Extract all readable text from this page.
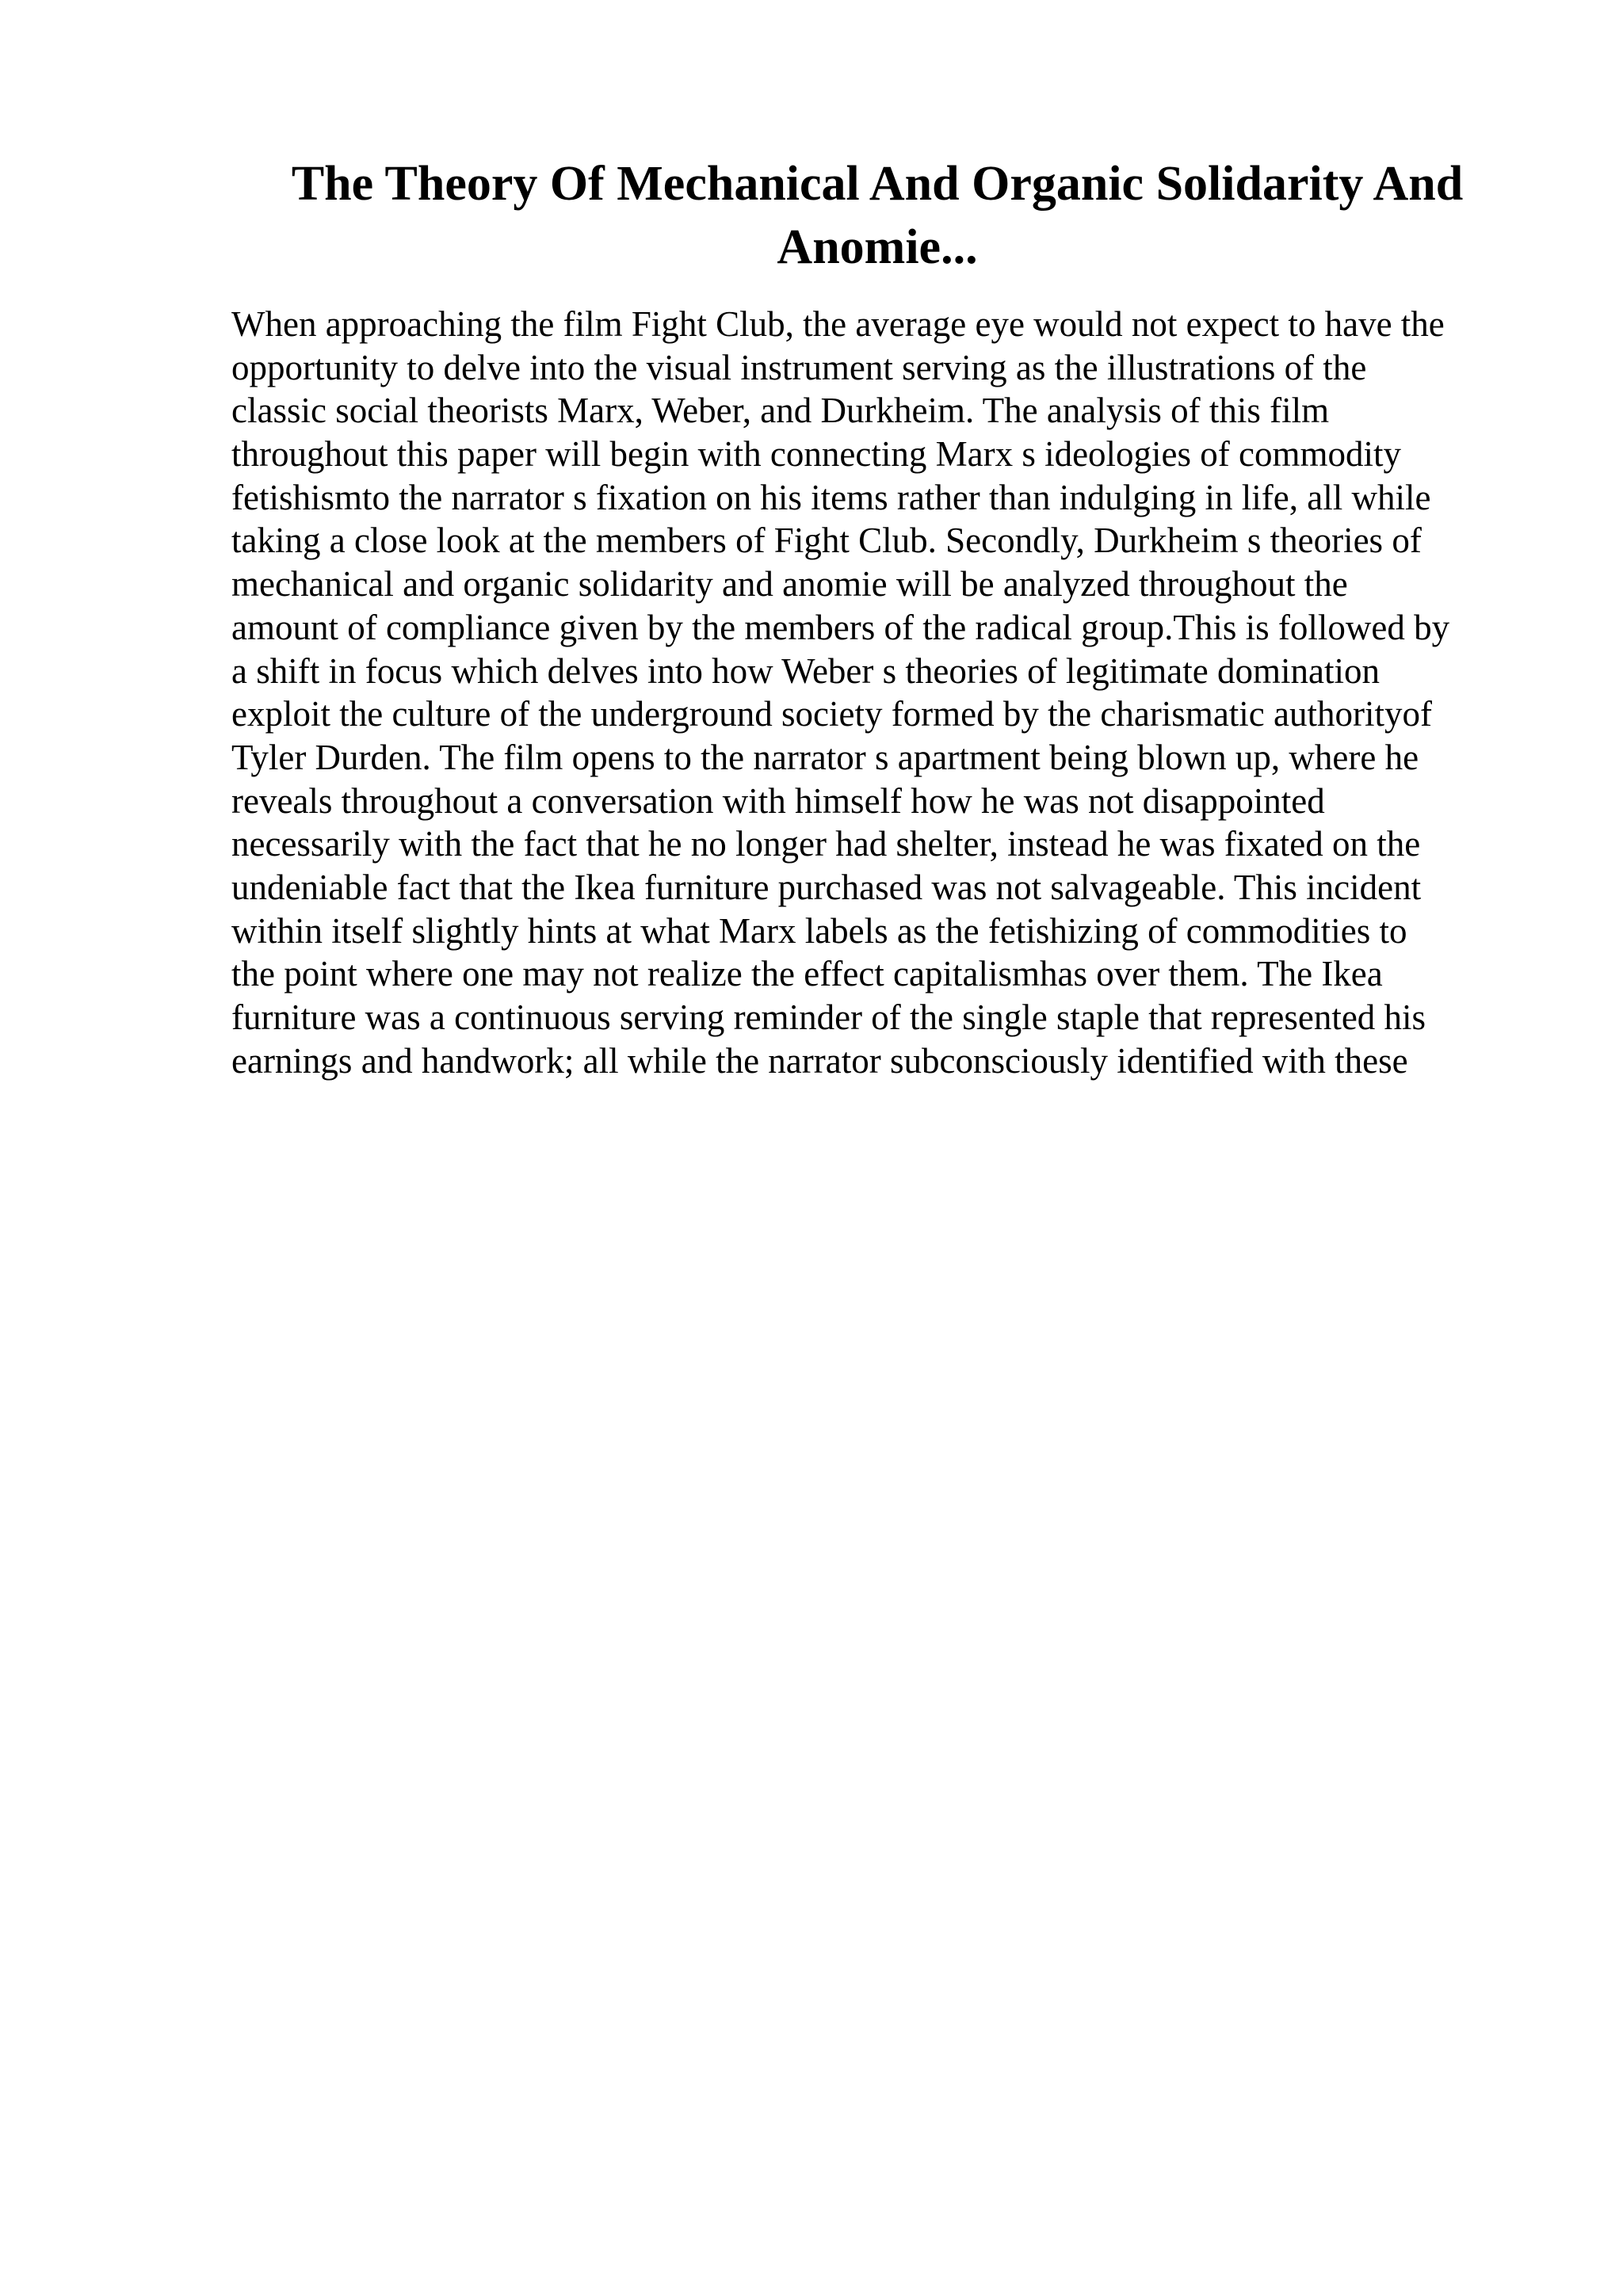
The Theory Of Mechanical And Organic Solidarity And
Anomie...
When approaching the film Fight Club, the average eye would not expect to have the
opportunity to delve into the visual instrument serving as the illustrations of the
classic social theorists Marx, Weber, and Durkheim. The analysis of this film
throughout this paper will begin with connecting Marx s ideologies of commodity
fetishismto the narrator s fixation on his items rather than indulging in life, all while
taking a close look at the members of Fight Club. Secondly, Durkheim s theories of
mechanical and organic solidarity and anomie will be analyzed throughout the
amount of compliance given by the members of the radical group.This is followed by
a shift in focus which delves into how Weber s theories of legitimate domination
exploit the culture of the underground society formed by the charismatic authorityof
Tyler Durden. The film opens to the narrator s apartment being blown up, where he
reveals throughout a conversation with himself how he was not disappointed
necessarily with the fact that he no longer had shelter, instead he was fixated on the
undeniable fact that the Ikea furniture purchased was not salvageable. This incident
within itself slightly hints at what Marx labels as the fetishizing of commodities to
the point where one may not realize the effect capitalismhas over them. The Ikea
furniture was a continuous serving reminder of the single staple that represented his
earnings and handwork; all while the narrator subconsciously identified with these
